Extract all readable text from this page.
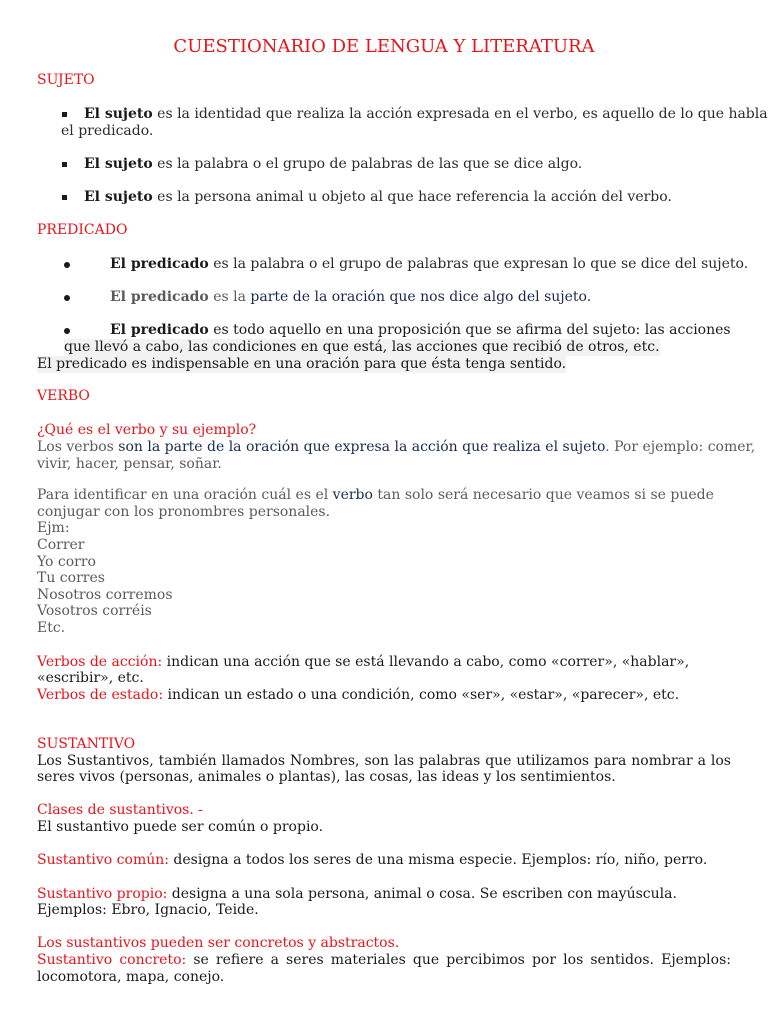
CUESTIONARIO DE LENGUA Y LITERATURA
SUJETO
El sujeto es la identidad que realiza la acción expresada en el verbo, es aquello de lo que habla
el predicado.
El sujeto es la palabra o el grupo de palabras de las que se dice algo.
El sujeto es la persona animal u objeto al que hace referencia la acción del verbo.
PREDICADO
El predicado es la palabra o el grupo de palabras que expresan lo que se dice del sujeto.
El predicado es la parte de la oración que nos dice algo del sujeto.
El predicado es todo aquello en una proposición que se afirma del sujeto: las acciones
que llevó a cabo, las condiciones en que está, las acciones que recibió de otros, etc.
El predicado es indispensable en una oración para que ésta tenga sentido.
VERBO
¿Qué es el verbo y su ejemplo?
Los verbos son la parte de la oración que expresa la acción que realiza el sujeto. Por ejemplo: comer,
vivir, hacer, pensar, soñar.
Para identificar en una oración cuál es el verbo tan solo será necesario que veamos si se puede
conjugar con los pronombres personales.
Ejm:
Correr
Yo corro
Tu corres
Nosotros corremos
Vosotros corréis
Etc.
Verbos de acción: indican una acción que se está llevando a cabo, como «correr», «hablar»,
«escribir», etc.
Verbos de estado: indican un estado o una condición, como «ser», «estar», «parecer», etc.
SUSTANTIVO
Los Sustantivos, también llamados Nombres, son las palabras que utilizamos para nombrar a los
seres vivos (personas, animales o plantas), las cosas, las ideas y los sentimientos.
Clases de sustantivos. -
El sustantivo puede ser común o propio.
Sustantivo común: designa a todos los seres de una misma especie. Ejemplos: río, niño, perro.
Sustantivo propio: designa a una sola persona, animal o cosa. Se escriben con mayúscula.
Ejemplos: Ebro, Ignacio, Teide.
Los sustantivos pueden ser concretos y abstractos.
Sustantivo concreto: se refiere a seres materiales que percibimos por los sentidos. Ejemplos:
locomotora, mapa, conejo.
